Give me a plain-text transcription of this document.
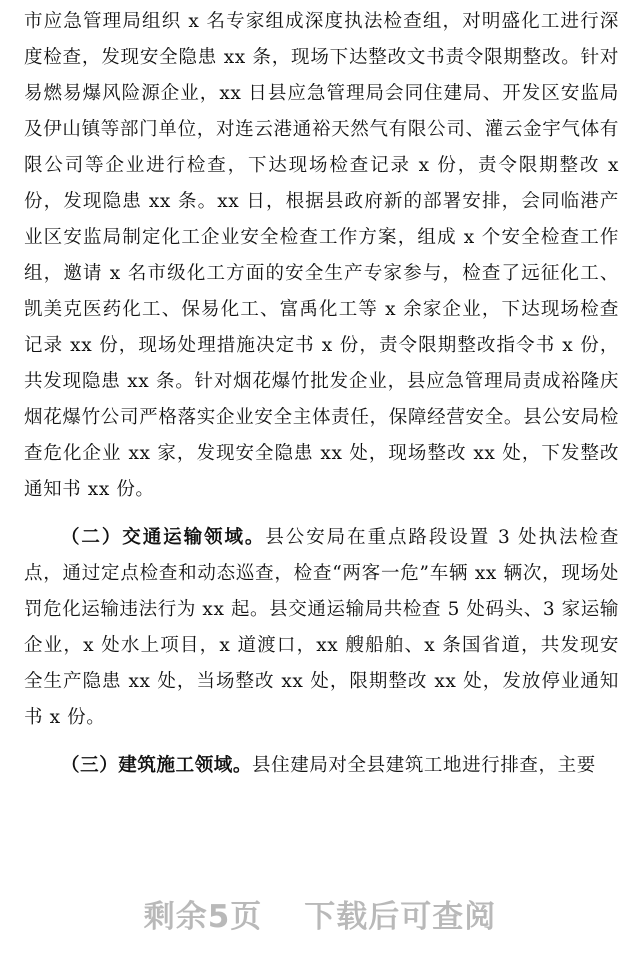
市应急管理局组织 x 名专家组成深度执法检查组，对明盛化工进行深度检查，发现安全隐患 xx 条，现场下达整改文书责令限期整改。针对易燃易爆风险源企业，xx 日县应急管理局会同住建局、开发区安监局及伊山镇等部门单位，对连云港通裕天然气有限公司、灌云金宇气体有限公司等企业进行检查，下达现场检查记录 x 份，责令限期整改 x 份，发现隐患 xx 条。xx 日，根据县政府新的部署安排，会同临港产业区安监局制定化工企业安全检查工作方案，组成 x 个安全检查工作组，邀请 x 名市级化工方面的安全生产专家参与，检查了远征化工、凯美克医药化工、保易化工、富禹化工等 x 余家企业，下达现场检查记录 xx 份，现场处理措施决定书 x 份，责令限期整改指令书 x 份，共发现隐患 xx 条。针对烟花爆竹批发企业，县应急管理局责成裕隆庆烟花爆竹公司严格落实企业安全主体责任，保障经营安全。县公安局检查危化企业 xx 家，发现安全隐患 xx 处，现场整改 xx 处，下发整改通知书 xx 份。

（二）交通运输领域。县公安局在重点路段设置 3 处执法检查点，通过定点检查和动态巡查，检查“两客一危”车辆 xx 辆次，现场处罚危化运输违法行为 xx 起。县交通运输局共检查 5 处码头、3 家运输企业，x 处水上项目，x 道渡口，xx 艘船舶、x 条国省道，共发现安全生产隐患 xx 处，当场整改 xx 处，限期整改 xx 处，发放停业通知书 x 份。

（三）建筑施工领域。县住建局对全县建筑工地进行排查，主要

剩余5页 下载后可查阅
